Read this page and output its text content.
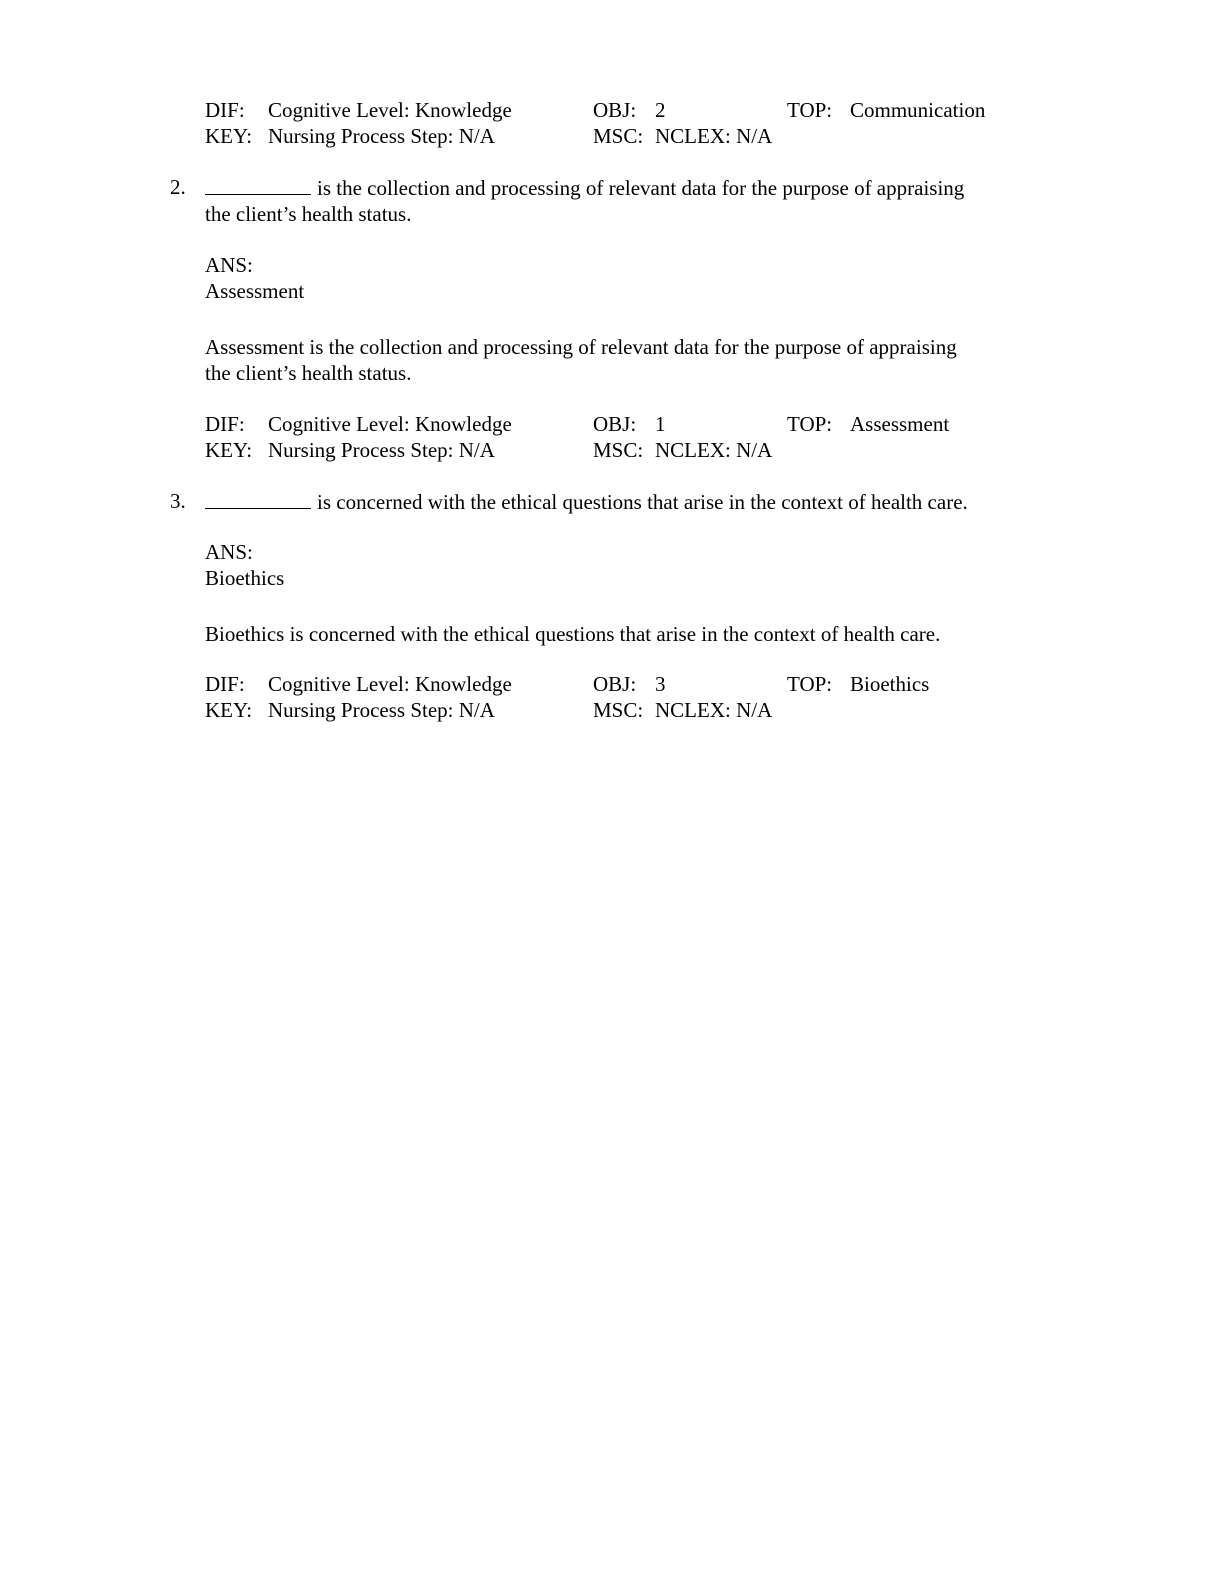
DIF: Cognitive Level: Knowledge	OBJ: 2	TOP: Communication
KEY: Nursing Process Step: N/A	MSC: NCLEX: N/A
2.	is the collection and processing of relevant data for the purpose of appraising
the client’s health status.
ANS:
Assessment
Assessment is the collection and processing of relevant data for the purpose of appraising
the client’s health status.
DIF: Cognitive Level: Knowledge	OBJ: 1	TOP: Assessment
KEY: Nursing Process Step: N/A	MSC: NCLEX: N/A
3.	is concerned with the ethical questions that arise in the context of health care.
ANS:
Bioethics
Bioethics is concerned with the ethical questions that arise in the context of health care.
DIF: Cognitive Level: Knowledge	OBJ: 3	TOP: Bioethics
KEY: Nursing Process Step: N/A	MSC: NCLEX: N/A
